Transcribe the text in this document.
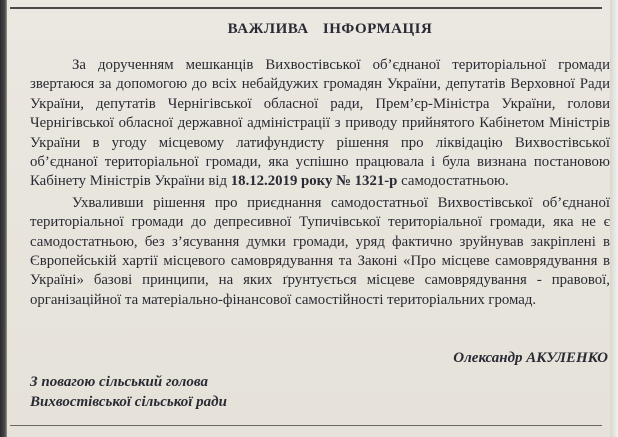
ВАЖЛИВА ІНФОРМАЦІЯ

За дорученням мешканців Вихвостівської об’єднаної територіальної громади звертаюся за допомогою до всіх небайдужих громадян України, депутатів Верховної Ради України, депутатів Чернігівської обласної ради, Прем’єр-Міністра України, голови Чернігівської обласної державної адміністрації з приводу прийнятого Кабінетом Міністрів України в угоду місцевому латифундисту рішення про ліквідацію Вихвостівської об’єднаної територіальної громади, яка успішно працювала і була визнана постановою Кабінету Міністрів України від 18.12.2019 року № 1321-р самодостатньою.

Ухваливши рішення про приєднання самодостатньої Вихвостівської об’єднаної територіальної громади до депресивної Тупичівської територіальної громади, яка не є самодостатньою, без з’ясування думки громади, уряд фактично зруйнував закріплені в Європейській хартії місцевого самоврядування та Законі «Про місцеве самоврядування в Україні» базові принципи, на яких ґрунтується місцеве самоврядування - правової, організаційної та матеріально-фінансової самостійності територіальних громад.

Олександр АКУЛЕНКО
З повагою сільський голова
Вихвостівської сільської ради
